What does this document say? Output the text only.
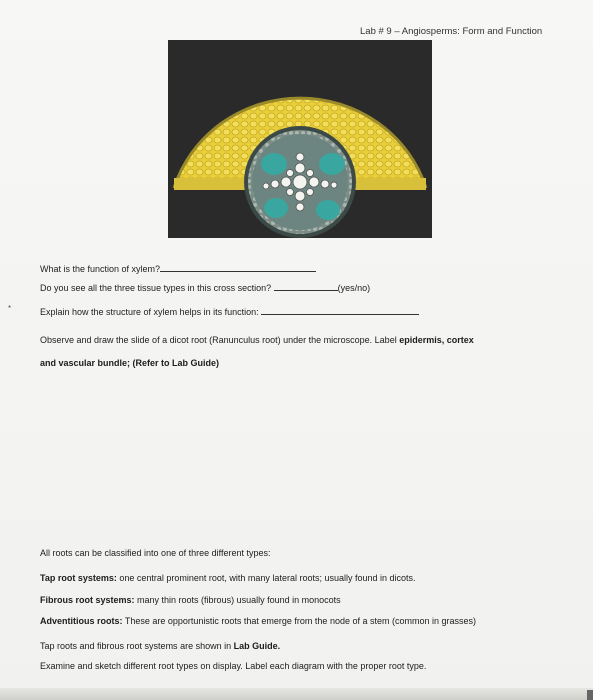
Lab # 9 – Angiosperms: Form and Function
What is the function of xylem?
Do you see all the three tissue types in this cross section?	(yes/no)
*	Explain how the structure of xylem helps in its function:
Observe and draw the slide of a dicot root (Ranunculus root) under the microscope. Label epidermis, cortex
and vascular bundle; (Refer to Lab Guide)
All roots can be classified into one of three different types:
Tap root systems: one central prominent root, with many lateral roots; usually found in dicots.
Fibrous root systems: many thin roots (fibrous) usually found in monocots
Adventitious roots: These are opportunistic roots that emerge from the node of a stem (common in grasses)
Tap roots and fibrous root systems are shown in Lab Guide.
Examine and sketch different root types on display. Label each diagram with the proper root type.
